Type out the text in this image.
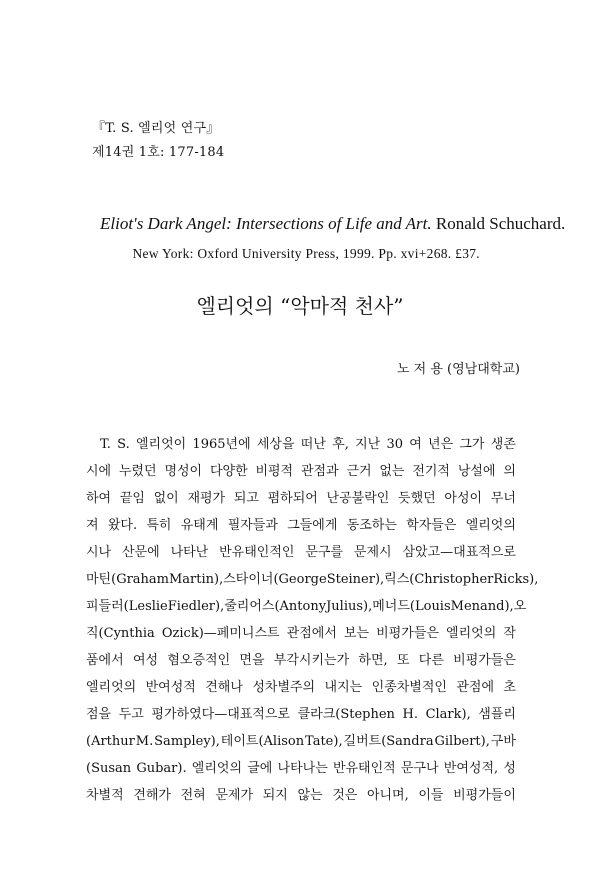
『T. S. 엘리엇 연구』
제14권 1호: 177-184
Eliot's Dark Angel: Intersections of Life and Art. Ronald Schuchard.
New York: Oxford University Press, 1999. Pp. xvi+268. £37.
엘리엇의 “악마적 천사”
노 저 용 (영남대학교)
T. S. 엘리엇이 1965년에 세상을 떠난 후, 지난 30 여 년은 그가 생존
시에 누렸던 명성이 다양한 비평적 관점과 근거 없는 전기적 낭설에 의
하여 끝임 없이 재평가 되고 폄하되어 난공불락인 듯했던 아성이 무너
져 왔다. 특히 유태계 필자들과 그들에게 동조하는 학자들은 엘리엇의
시나 산문에 나타난 반유태인적인 문구를 문제시 삼았고—대표적으로
마틴(Graham Martin), 스타이너(George Steiner), 릭스(Christopher Ricks),
피들러(Leslie Fiedler), 줄리어스(Antony Julius), 메너드(Louis Menand), 오
직(Cynthia Ozick)—페미니스트 관점에서 보는 비평가들은 엘리엇의 작
품에서 여성 혐오증적인 면을 부각시키는가 하면, 또 다른 비평가들은
엘리엇의 반여성적 견해나 성차별주의 내지는 인종차별적인 관점에 초
점을 두고 평가하였다—대표적으로 클라크(Stephen H. Clark), 샘플리
(Arthur M. Sampley), 테이트(Alison Tate), 길버트(Sandra Gilbert), 구바
(Susan Gubar). 엘리엇의 글에 나타나는 반유태인적 문구나 반여성적, 성
차별적 견해가 전혀 문제가 되지 않는 것은 아니며, 이들 비평가들이
